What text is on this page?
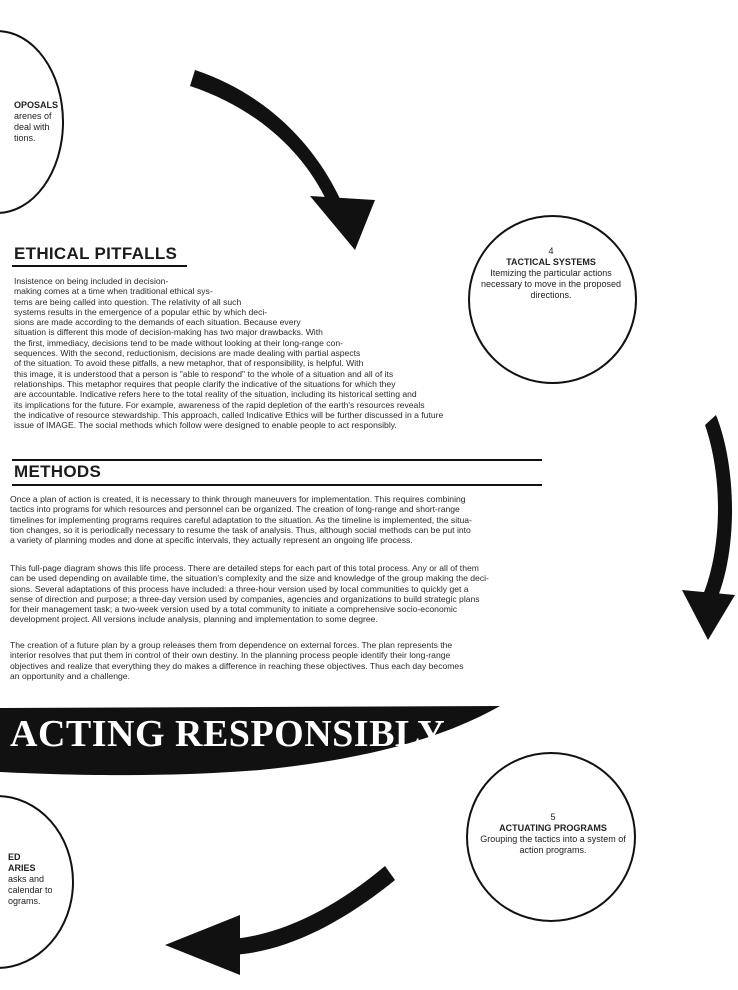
OPOSALS
arenes of
deal with
tions.
4
TACTICAL SYSTEMS
Itemizing the particular actions necessary to move in the proposed directions.
5
ACTUATING PROGRAMS
Grouping the tactics into a system of action programs.
ED
ARIES
asks and
calendar to
ograms.
ETHICAL PITFALLS
Insistence on being included in decision-
making comes at a time when traditional ethical sys-
tems are being called into question. The relativity of all such
systems results in the emergence of a popular ethic by which deci-
sions are made according to the demands of each situation. Because every
situation is different this mode of decision-making has two major drawbacks. With
the first, immediacy, decisions tend to be made without looking at their long-range con-
sequences. With the second, reductionism, decisions are made dealing with partial aspects
of the situation. To avoid these pitfalls, a new metaphor, that of responsibility, is helpful. With
this image, it is understood that a person is "able to respond" to the whole of a situation and all of its
relationships. This metaphor requires that people clarify the indicative of the situations for which they
are accountable. Indicative refers here to the total reality of the situation, including its historical setting and
its implications for the future. For example, awareness of the rapid depletion of the earth's resources reveals
the indicative of resource stewardship. This approach, called Indicative Ethics will be further discussed in a future
issue of IMAGE. The social methods which follow were designed to enable people to act responsibly.
METHODS
Once a plan of action is created, it is necessary to think through maneuvers for implementation. This requires combining
tactics into programs for which resources and personnel can be organized. The creation of long-range and short-range
timelines for implementing programs requires careful adaptation to the situation. As the timeline is implemented, the situa-
tion changes, so it is periodically necessary to resume the task of analysis. Thus, although social methods can be put into
a variety of planning modes and done at specific intervals, they actually represent an ongoing life process.
This full-page diagram shows this life process. There are detailed steps for each part of this total process. Any or all of them
can be used depending on available time, the situation's complexity and the size and knowledge of the group making the deci-
sions. Several adaptations of this process have included: a three-hour version used by local communities to quickly get a
sense of direction and purpose; a three-day version used by companies, agencies and organizations to build strategic plans
for their management task; a two-week version used by a total community to initiate a comprehensive socio-economic
development project. All versions include analysis, planning and implementation to some degree.
The creation of a future plan by a group releases them from dependence on external forces. The plan represents the
interior resolves that put them in control of their own destiny. In the planning process people identify their long-range
objectives and realize that everything they do makes a difference in reaching these objectives. Thus each day becomes
an opportunity and a challenge.
ACTING RESPONSIBLY,
